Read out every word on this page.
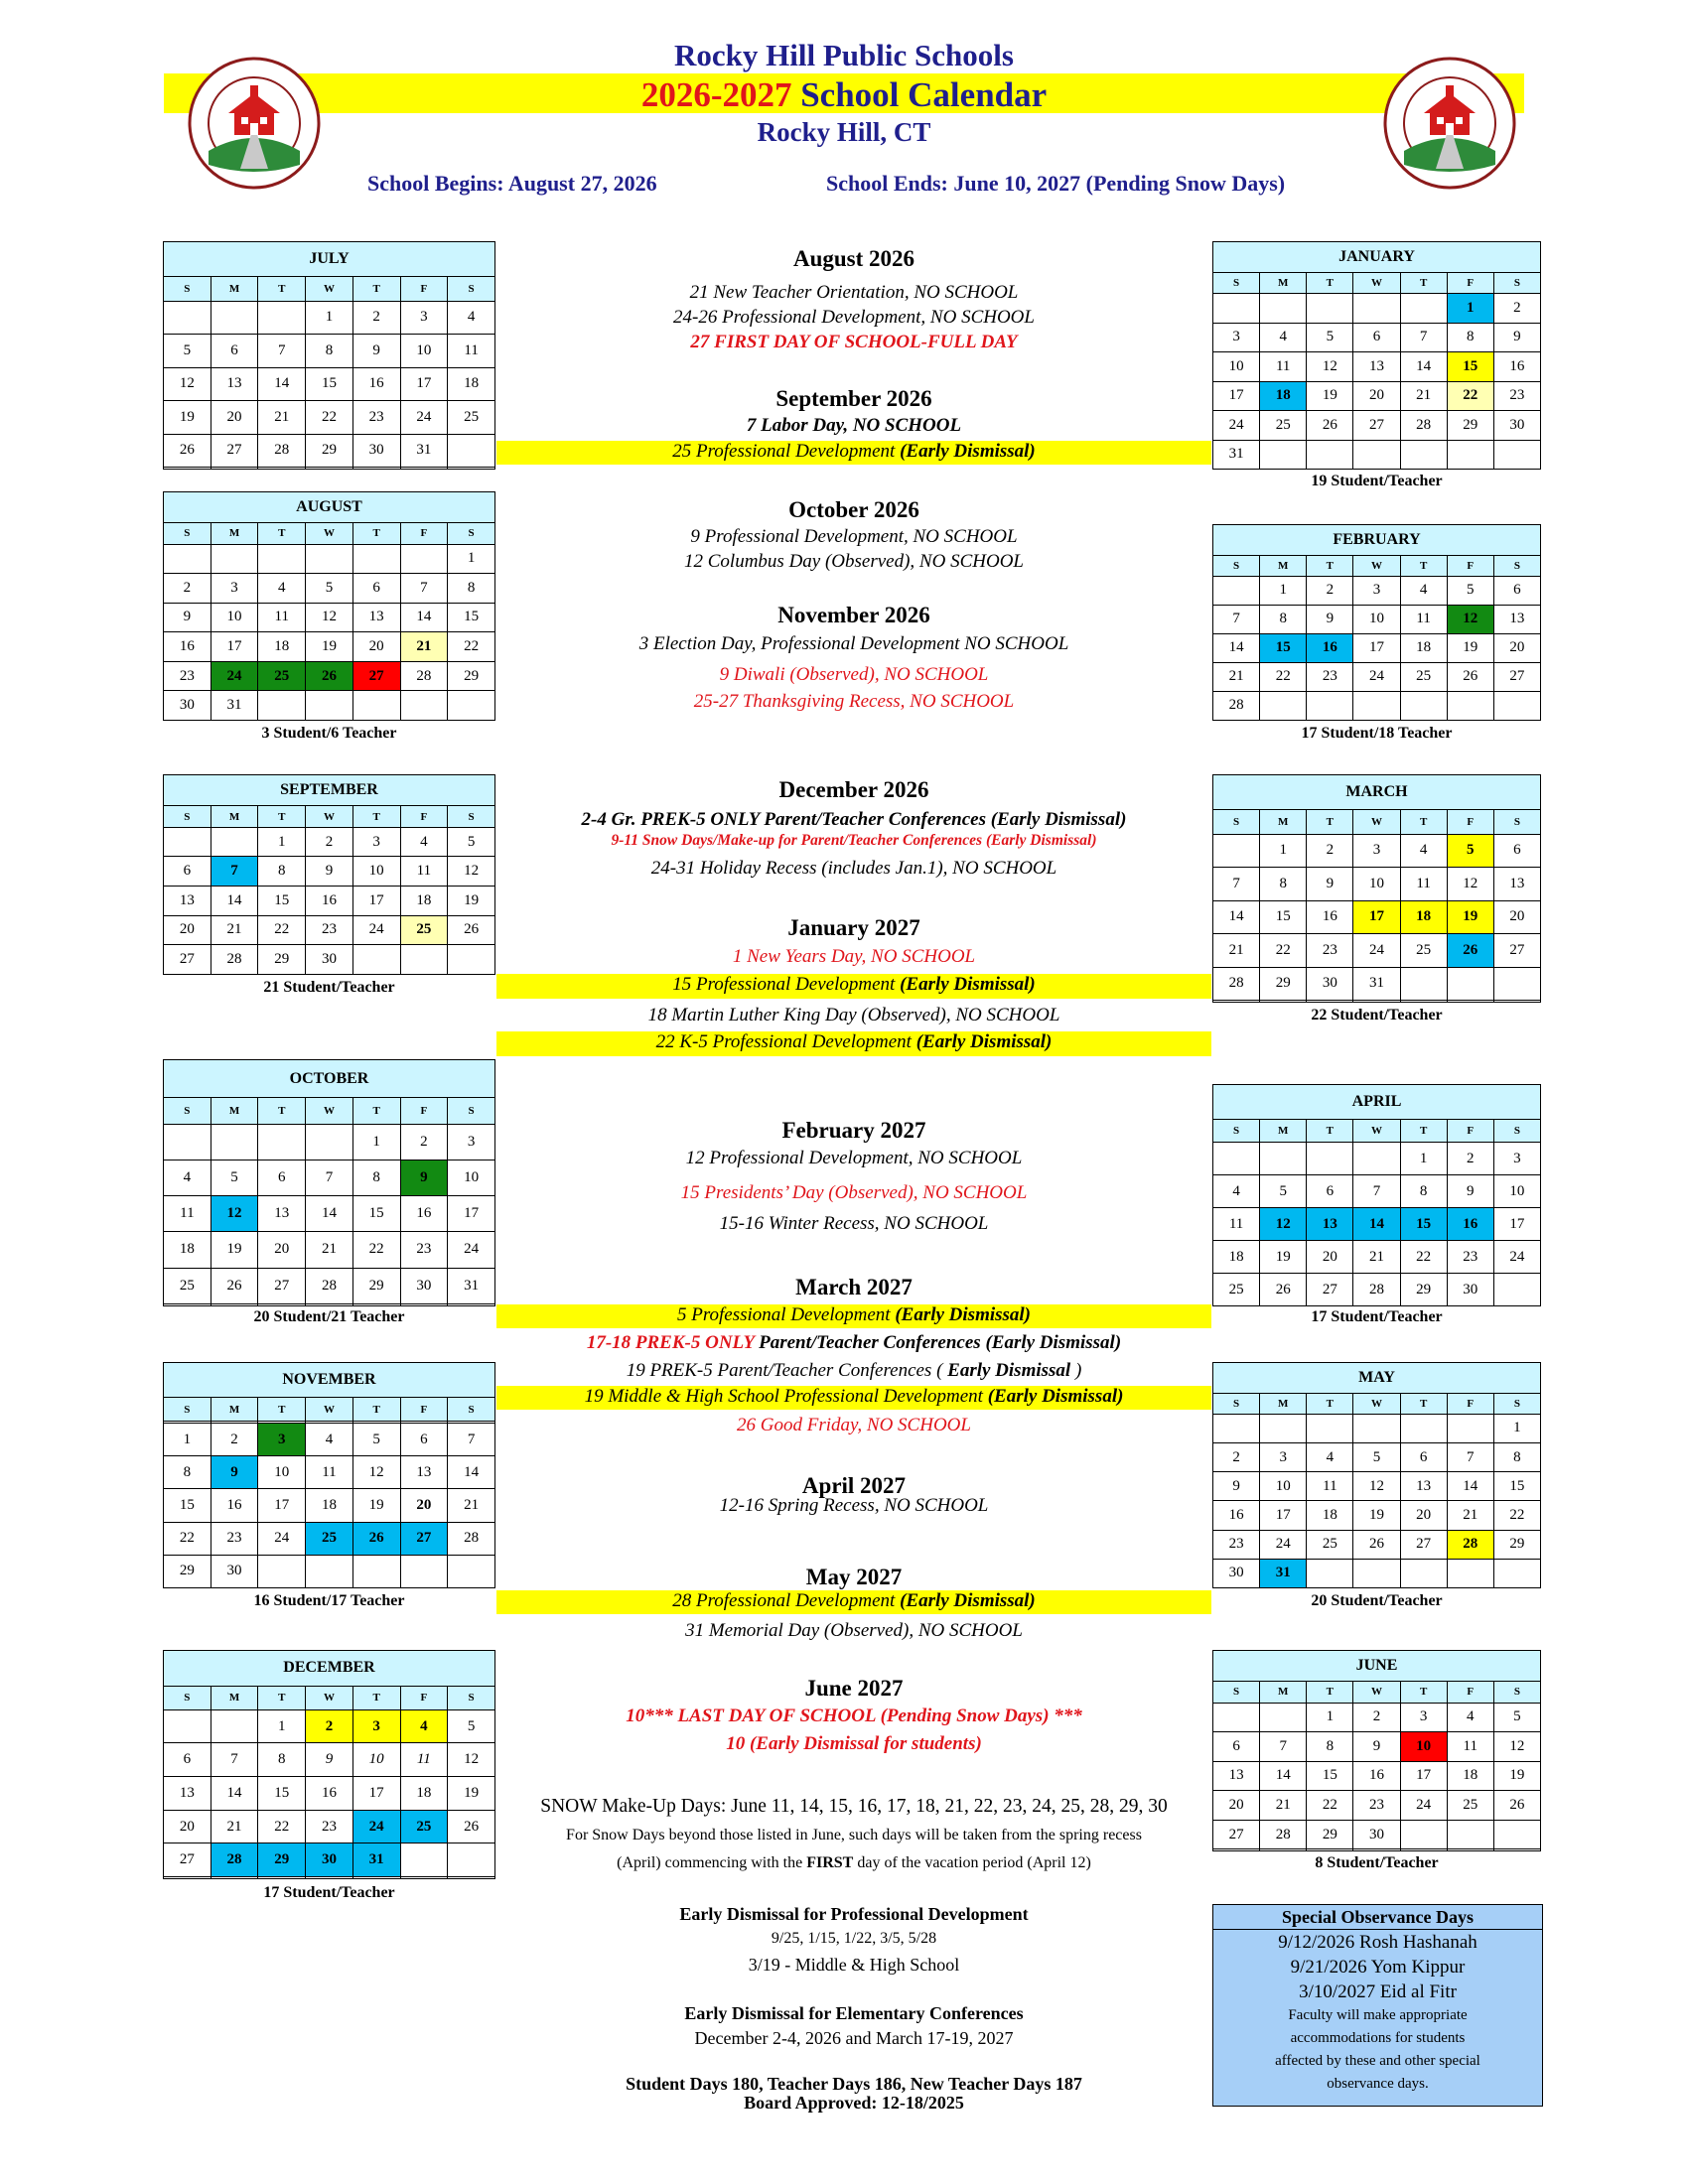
Rocky Hill Public Schools
2026-2027 School Calendar
Rocky Hill, CT
School Begins: August 27, 2026	School Ends: June 10, 2027 (Pending Snow Days)
JULY						
S	M	T	W	T	F	S
			1	2	3	4
5	6	7	8	9	10	11
12	13	14	15	16	17	18
19	20	21	22	23	24	25
26	27	28	29	30	31	

AUGUST						
S	M	T	W	T	F	S
						1
2	3	4	5	6	7	8
9	10	11	12	13	14	15
16	17	18	19	20	21	22
23	24	25	26	27	28	29
30	31					
3 Student/6 Teacher
SEPTEMBER						
S	M	T	W	T	F	S
		1	2	3	4	5
6	7	8	9	10	11	12
13	14	15	16	17	18	19
20	21	22	23	24	25	26
27	28	29	30			
21 Student/Teacher
OCTOBER						
S	M	T	W	T	F	S
				1	2	3
4	5	6	7	8	9	10
11	12	13	14	15	16	17
18	19	20	21	22	23	24
25	26	27	28	29	30	31

20 Student/21 Teacher
NOVEMBER						
S	M	T	W	T	F	S

1	2	3	4	5	6	7
8	9	10	11	12	13	14
15	16	17	18	19	20	21
22	23	24	25	26	27	28
29	30					
16 Student/17 Teacher
DECEMBER						
S	M	T	W	T	F	S
		1	2	3	4	5
6	7	8	9	10	11	12
13	14	15	16	17	18	19
20	21	22	23	24	25	26
27	28	29	30	31		

17 Student/Teacher
JANUARY						
S	M	T	W	T	F	S
					1	2
3	4	5	6	7	8	9
10	11	12	13	14	15	16
17	18	19	20	21	22	23
24	25	26	27	28	29	30
31						
19 Student/Teacher
FEBRUARY						
S	M	T	W	T	F	S
	1	2	3	4	5	6
7	8	9	10	11	12	13
14	15	16	17	18	19	20
21	22	23	24	25	26	27
28						
17 Student/18 Teacher
MARCH						
S	M	T	W	T	F	S
	1	2	3	4	5	6
7	8	9	10	11	12	13
14	15	16	17	18	19	20
21	22	23	24	25	26	27
28	29	30	31			

22 Student/Teacher
APRIL						
S	M	T	W	T	F	S
				1	2	3
4	5	6	7	8	9	10
11	12	13	14	15	16	17
18	19	20	21	22	23	24
25	26	27	28	29	30	
17 Student/Teacher
MAY						
S	M	T	W	T	F	S
						1
2	3	4	5	6	7	8
9	10	11	12	13	14	15
16	17	18	19	20	21	22
23	24	25	26	27	28	29
30	31					
20 Student/Teacher
JUNE						
S	M	T	W	T	F	S
		1	2	3	4	5
6	7	8	9	10	11	12
13	14	15	16	17	18	19
20	21	22	23	24	25	26
27	28	29	30			

8 Student/Teacher
August 2026
21 New Teacher Orientation, NO SCHOOL
24-26 Professional Development, NO SCHOOL
27 FIRST DAY OF SCHOOL-FULL DAY
September 2026
7 Labor Day, NO SCHOOL
25 Professional Development (Early Dismissal)
October 2026
9 Professional Development, NO SCHOOL
12 Columbus Day (Observed), NO SCHOOL
November 2026
3 Election Day, Professional Development NO SCHOOL
9 Diwali (Observed), NO SCHOOL
25-27 Thanksgiving Recess, NO SCHOOL
December 2026
2-4 Gr. PREK-5 ONLY Parent/Teacher Conferences (Early Dismissal)
9-11 Snow Days/Make-up for Parent/Teacher Conferences (Early Dismissal)
24-31 Holiday Recess (includes Jan.1), NO SCHOOL
January 2027
1 New Years Day, NO SCHOOL
15 Professional Development (Early Dismissal)
18 Martin Luther King Day (Observed), NO SCHOOL
22 K-5 Professional Development (Early Dismissal)
February 2027
12 Professional Development, NO SCHOOL
15 Presidents’ Day (Observed), NO SCHOOL
15-16 Winter Recess, NO SCHOOL
March 2027
5 Professional Development (Early Dismissal)
17-18 PREK-5 ONLY Parent/Teacher Conferences (Early Dismissal)
19 PREK-5 Parent/Teacher Conferences ( Early Dismissal )
19 Middle & High School Professional Development (Early Dismissal)
26 Good Friday, NO SCHOOL
April 2027
12-16 Spring Recess, NO SCHOOL
May 2027
28 Professional Development (Early Dismissal)
31 Memorial Day (Observed), NO SCHOOL
June 2027
10*** LAST DAY OF SCHOOL (Pending Snow Days) ***
10 (Early Dismissal for students)
SNOW Make-Up Days: June 11, 14, 15, 16, 17, 18, 21, 22, 23, 24, 25, 28, 29, 30
For Snow Days beyond those listed in June, such days will be taken from the spring recess
(April) commencing with the FIRST day of the vacation period (April 12)
Early Dismissal for Professional Development
9/25, 1/15, 1/22, 3/5, 5/28
3/19 - Middle & High School
Early Dismissal for Elementary Conferences
December 2-4, 2026 and March 17-19, 2027
Student Days 180, Teacher Days 186, New Teacher Days 187
Board Approved: 12-18/2025
Special Observance Days
9/12/2026 Rosh Hashanah
9/21/2026 Yom Kippur
3/10/2027 Eid al Fitr
Faculty will make appropriate
accommodations for students
affected by these and other special
observance days.
